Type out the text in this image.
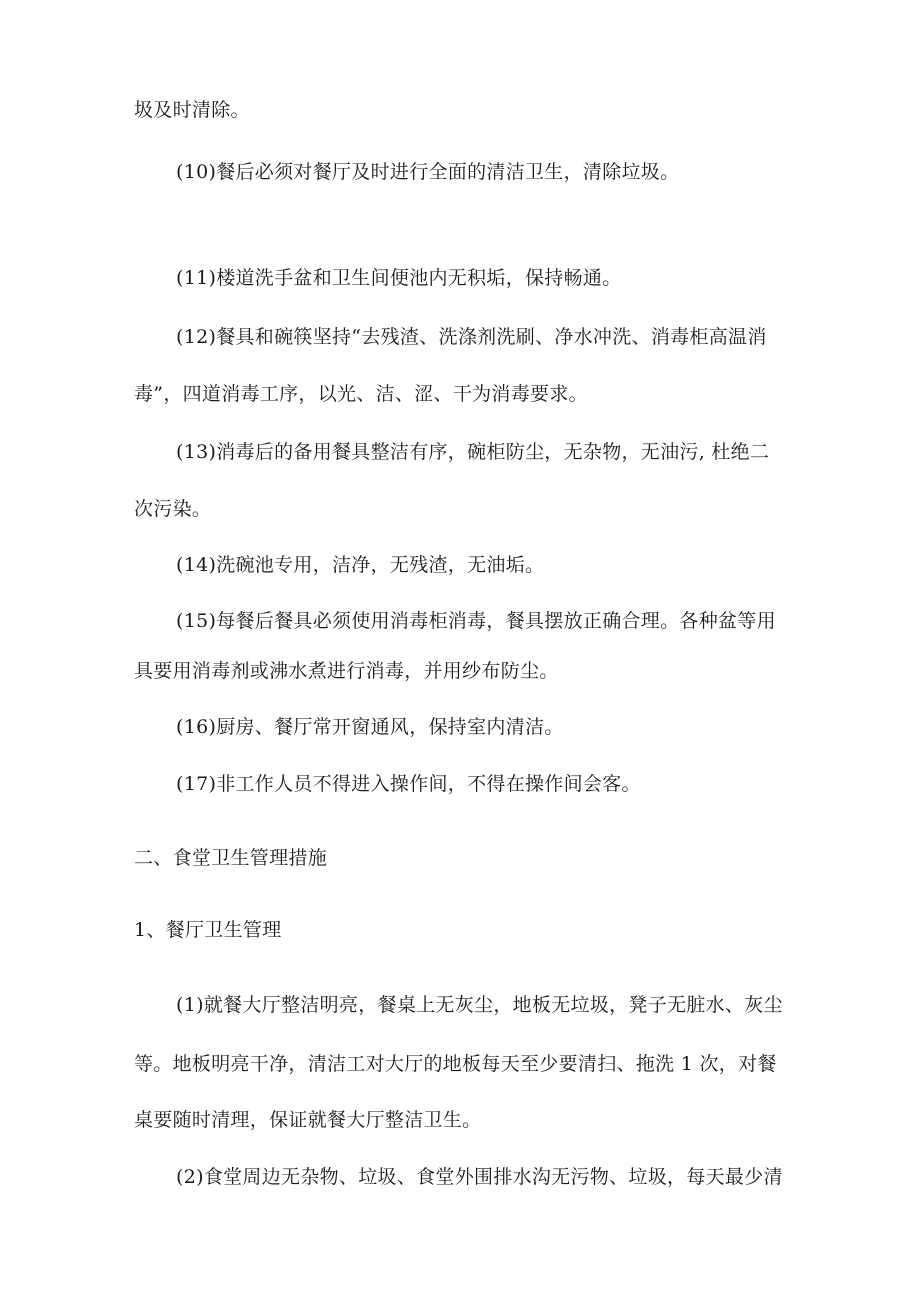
圾及时清除。
(10)餐后必须对餐厅及时进行全面的清洁卫生，清除垃圾。
(11)楼道洗手盆和卫生间便池内无积垢，保持畅通。
(12)餐具和碗筷坚持“去残渣、洗涤剂洗刷、净水冲洗、消毒柜高温消
毒”，四道消毒工序，以光、洁、涩、干为消毒要求。
(13)消毒后的备用餐具整洁有序，碗柜防尘，无杂物，无油污, 杜绝二
次污染。
(14)洗碗池专用，洁净，无残渣，无油垢。
(15)每餐后餐具必须使用消毒柜消毒，餐具摆放正确合理。各种盆等用
具要用消毒剂或沸水煮进行消毒，并用纱布防尘。
(16)厨房、餐厅常开窗通风，保持室内清洁。
(17)非工作人员不得进入操作间，不得在操作间会客。
二、食堂卫生管理措施
1、餐厅卫生管理
(1)就餐大厅整洁明亮，餐桌上无灰尘，地板无垃圾，凳子无脏水、灰尘
等。地板明亮干净，清洁工对大厅的地板每天至少要清扫、拖洗 1 次，对餐
桌要随时清理，保证就餐大厅整洁卫生。
(2)食堂周边无杂物、垃圾、食堂外围排水沟无污物、垃圾，每天最少清
